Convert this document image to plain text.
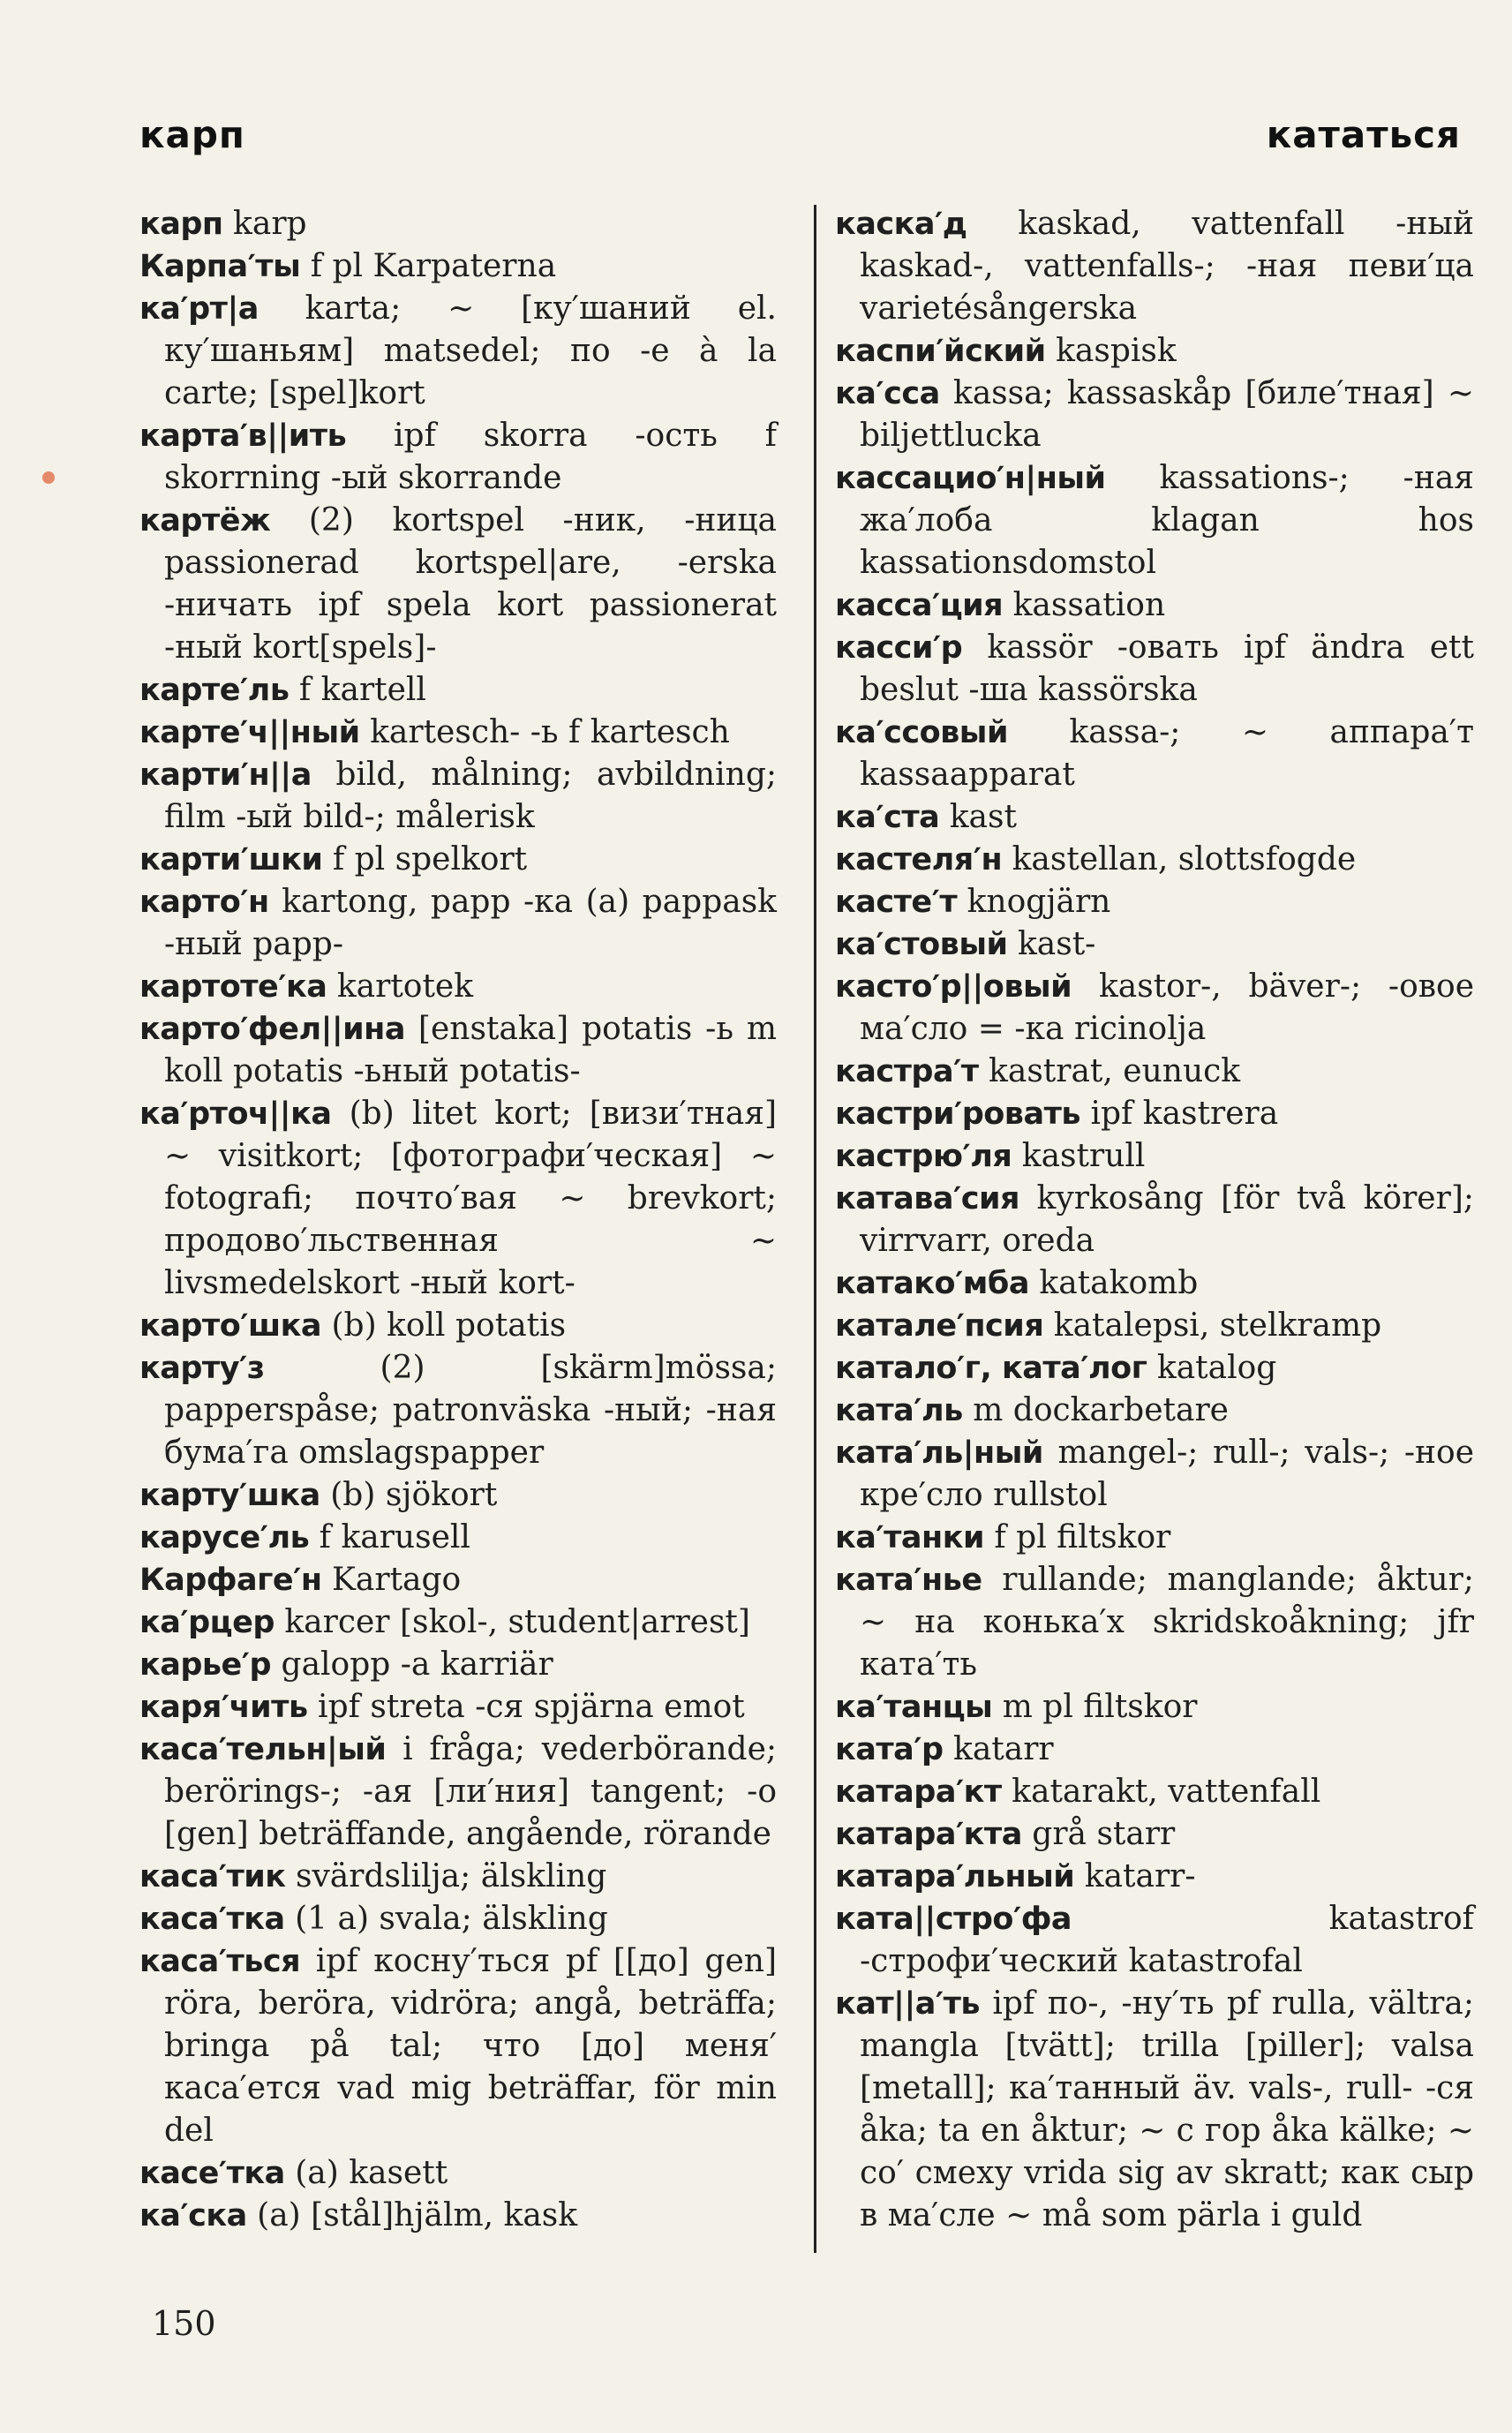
карп	кататься

карп karp

Карпа′ты f pl Karpaterna

ка′рт|а karta; ~ [ку′шаний el. ку′шаньям] matsedel; по -е à la carte; [spel]kort

карта′в||ить ipf skorra -ость f skorrning -ый skorrande

картёж (2) kortspel -ник, -ница passionerad kortspel|are, -erska -ничать ipf spela kort passionerat -ный kort[spels]-

карте′ль f kartell

карте′ч||ный kartesch- -ь f kartesch

карти′н||а bild, målning; avbildning; film -ый bild-; målerisk

карти′шки f pl spelkort

карто′н kartong, papp -ка (a) pappask -ный papp-

картоте′ка kartotek

карто′фел||ина [enstaka] potatis -ь m koll potatis -ьный potatis-

ка′рточ||ка (b) litet kort; [визи′тная] ~ visitkort; [фотографи′ческая] ~ fotografi; почто′вая ~ brevkort; продово′льственная ~ livsmedelskort -ный kort-

карто′шка (b) koll potatis

карту′з (2) [skärm]mössa; papperspåse; patronväska -ный; -ная бума′га omslagspapper

карту′шка (b) sjökort

карусе′ль f karusell

Карфаге′н Kartago

ка′рцер karcer [skol-, student|arrest]

карье′р galopp -а karriär

каря′чить ipf streta -ся spjärna emot

каса′тельн|ый i fråga; vederbörande; berörings-; -ая [ли′ния] tangent; -о [gen] beträffande, angående, rörande

каса′тик svärdslilja; älskling

каса′тка (1 a) svala; älskling

каса′ться ipf косну′ться pf [[до] gen] röra, beröra, vidröra; angå, beträffa; bringa på tal; что [до] меня′ каса′ется vad mig beträffar, för min del

касе′тка (a) kasett

ка′ска (a) [stål]hjälm, kask

каска′д kaskad, vattenfall -ный kaskad-, vattenfalls-; -ная певи′ца varietésångerska

каспи′йский kaspisk

ка′сса kassa; kassaskåp [биле′тная] ~ biljettlucka

кассацио′н|ный kassations-; -ная жа′лоба klagan hos kassationsdomstol

касса′ция kassation

касси′р kassör -овать ipf ändra ett beslut -ша kassörska

ка′ссовый kassa-; ~ аппара′т kassaapparat

ка′ста kast

кастеля′н kastellan, slottsfogde

касте′т knogjärn

ка′стовый kast-

касто′р||овый kastor-, bäver-; -овое ма′сло = -ка ricinolja

кастра′т kastrat, eunuck

кастри′ровать ipf kastrera

кастрю′ля kastrull

катава′сия kyrkosång [för två körer]; virrvarr, oreda

катако′мба katakomb

катале′псия katalepsi, stelkramp

катало′г, ката′лог katalog

ката′ль m dockarbetare

ката′ль|ный mangel-; rull-; vals-; -ное кре′сло rullstol

ка′танки f pl filtskor

ката′нье rullande; manglande; åktur; ~ на конька′х skridskoåkning; jfr ката′ть

ка′танцы m pl filtskor

ката′р katarr

катара′кт katarakt, vattenfall

катара′кта grå starr

катара′льный katarr-

ката||стро′фа katastrof -строфи′ческий katastrofal

кат||а′ть ipf по-, -ну′ть pf rulla, vältra; mangla [tvätt]; trilla [piller]; valsa [metall]; ка′танный äv. vals-, rull- -ся åka; ta en åktur; ~ с гор åka kälke; ~ со′ смеху vrida sig av skratt; как сыр в ма′сле ~ må som pärla i guld

150
